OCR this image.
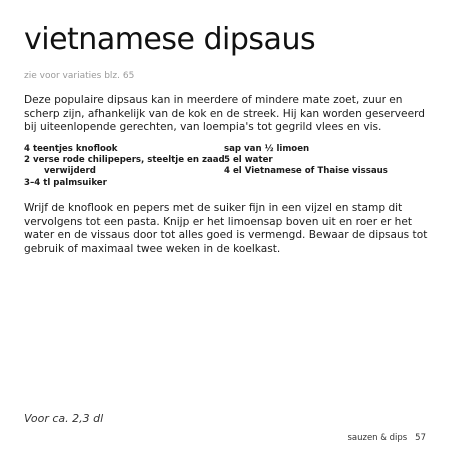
vietnamese dipsaus
zie voor variaties blz. 65

Deze populaire dipsaus kan in meerdere of mindere mate zoet, zuur en scherp zijn, afhankelijk van de kok en de streek. Hij kan worden geserveerd bij uiteenlopende gerechten, van loempia's tot gegrild vlees en vis.

4 teentjes knoflook
2 verse rode chilipepers, steeltje en zaad
verwijderd
3–4 tl palmsuiker
sap van ½ limoen
5 el water
4 el Vietnamese of Thaise vissaus

Wrijf de knoflook en pepers met de suiker fijn in een vijzel en stamp dit vervolgens tot een pasta. Knijp er het limoensap boven uit en roer er het water en de vissaus door tot alles goed is vermengd. Bewaar de dipsaus tot gebruik of maximaal twee weken in de koelkast.

Voor ca. 2,3 dl
sauzen & dips 57
